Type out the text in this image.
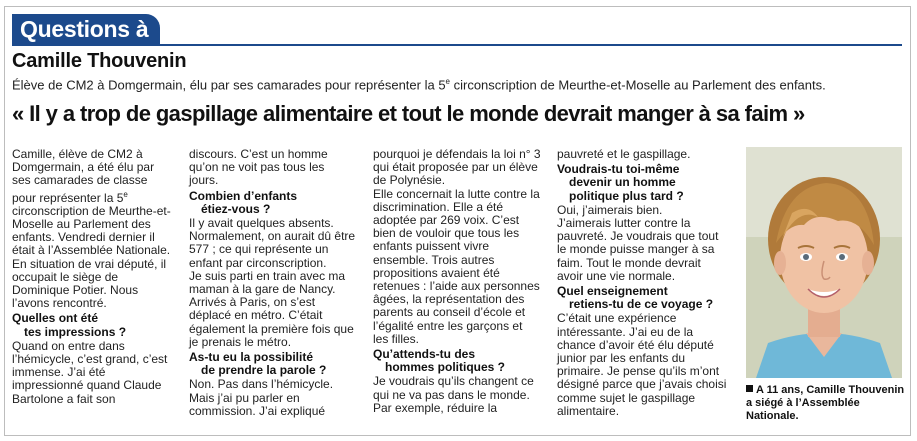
Questions à
Camille Thouvenin
Élève de CM2 à Domgermain, élu par ses camarades pour représenter la 5e circonscription de Meurthe-et-Moselle au Parlement des enfants.
« Il y a trop de gaspillage alimentaire et tout le monde devrait manger à sa faim »

Camille, élève de CM2 à Domgermain, a été élu par ses camarades de classe pour représenter la 5e circonscription de Meurthe-et-Moselle au Parlement des enfants. Vendredi dernier il était à l’Assemblée Nationale.

En situation de vrai député, il occupait le siège de Dominique Potier. Nous l’avons rencontré.

Quelles ont été
tes impressions ?

Quand on entre dans l’hémicycle, c’est grand, c’est immense. J’ai été impressionné quand Claude Bartolone a fait son

discours. C’est un homme qu’on ne voit pas tous les jours.

Combien d’enfants
étiez-vous ?

Il y avait quelques absents. Normalement, on aurait dû être 577 ; ce qui représente un enfant par circonscription.

Je suis parti en train avec ma maman à la gare de Nancy. Arrivés à Paris, on s’est déplacé en métro. C’était également la première fois que je prenais le métro.

As-tu eu la possibilité
de prendre la parole ?

Non. Pas dans l’hémicycle. Mais j’ai pu parler en commission. J’ai expliqué

pourquoi je défendais la loi n° 3 qui était proposée par un élève de Polynésie.

Elle concernait la lutte contre la discrimination. Elle a été adoptée par 269 voix. C’est bien de vouloir que tous les enfants puissent vivre ensemble. Trois autres propositions avaient été retenues : l’aide aux personnes âgées, la représentation des parents au conseil d’école et l’égalité entre les garçons et les filles.

Qu’attends-tu des
hommes politiques ?

Je voudrais qu’ils changent ce qui ne va pas dans le monde. Par exemple, réduire la

pauvreté et le gaspillage.

Voudrais-tu toi-même
devenir un homme
politique plus tard ?

Oui, j’aimerais bien.

J’aimerais lutter contre la pauvreté. Je voudrais que tout le monde puisse manger à sa faim. Tout le monde devrait avoir une vie normale.

Quel enseignement
retiens-tu de ce voyage ?

C’était une expérience intéressante. J’ai eu de la chance d’avoir été élu député junior par les enfants du primaire. Je pense qu’ils m’ont désigné parce que j’avais choisi comme sujet le gaspillage alimentaire.

A 11 ans, Camille Thouvenin a siégé à l’Assemblée Nationale.
